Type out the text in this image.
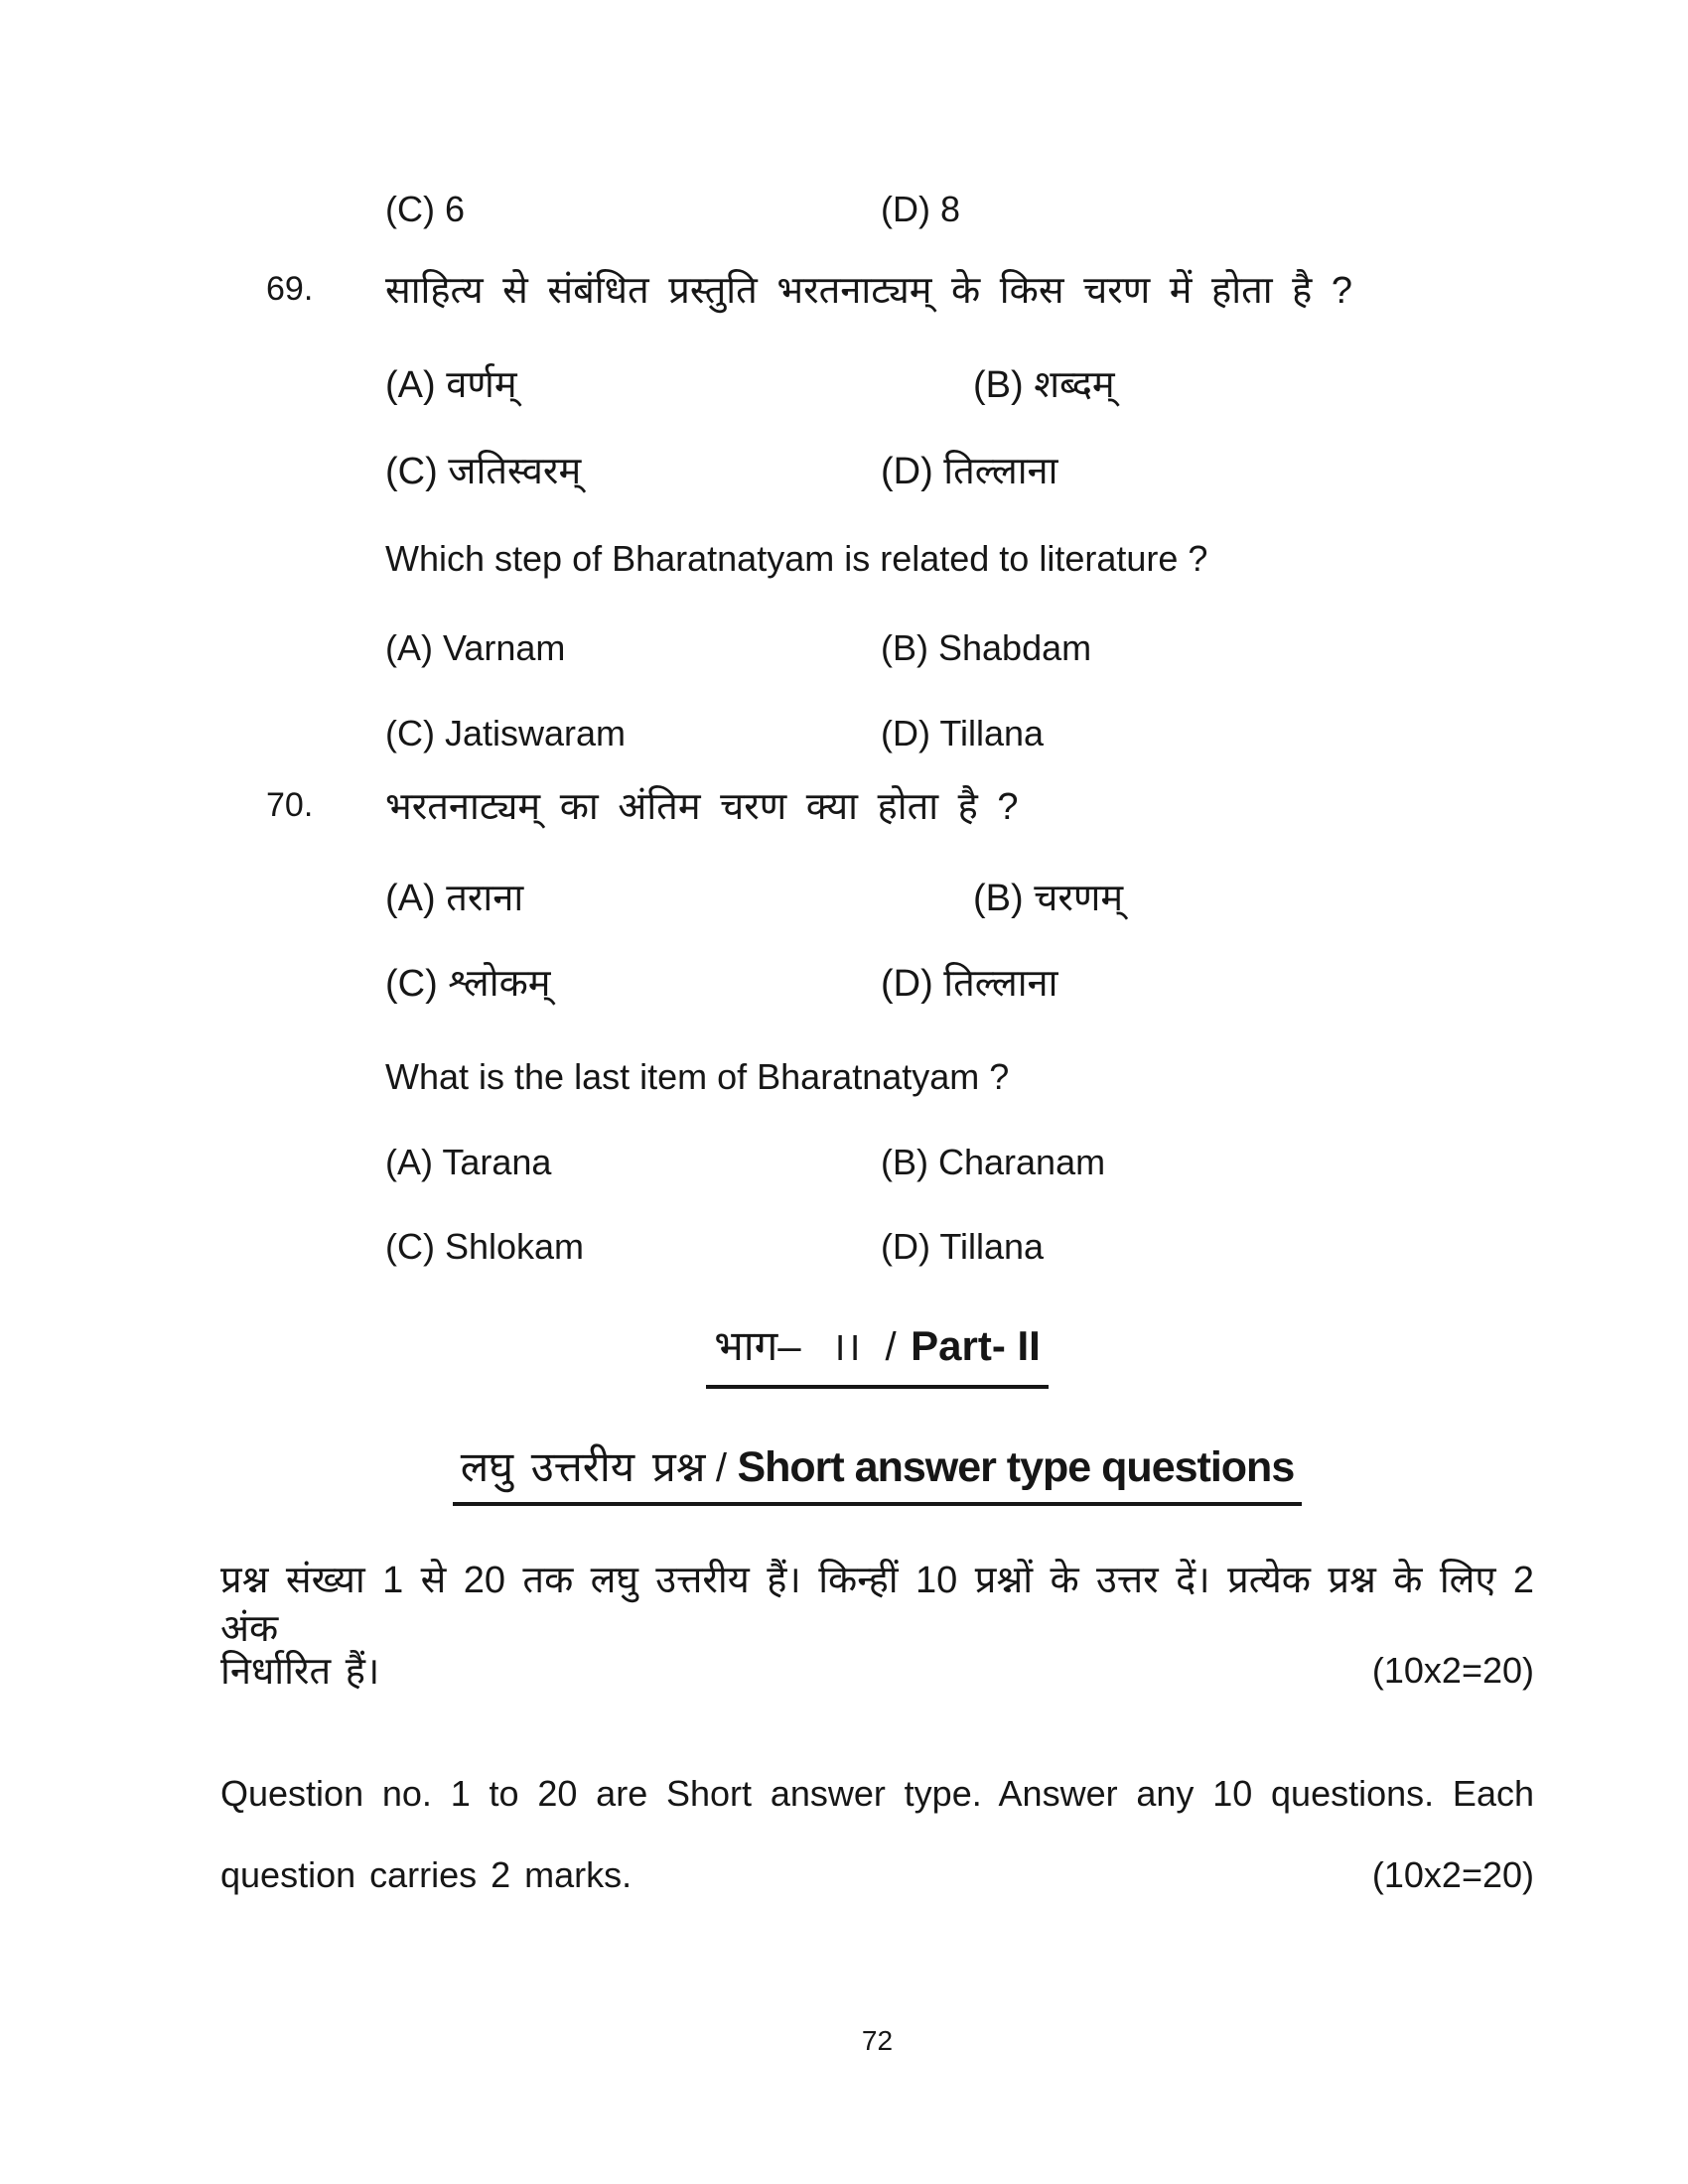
(C) 6	(D) 8
69. साहित्य से संबंधित प्रस्तुति भरतनाट्यम् के किस चरण में होता है ?
(A) वर्णम्	(B) शब्दम्
(C) जतिस्वरम्	(D) तिल्लाना
Which step of Bharatnatyam is related to literature ?
(A) Varnam	(B) Shabdam
(C) Jatiswaram	(D) Tillana
70. भरतनाट्यम् का अंतिम चरण क्या होता है ?
(A) तराना	(B) चरणम्
(C) श्लोकम्	(D) तिल्लाना
What is the last item of Bharatnatyam ?
(A) Tarana	(B) Charanam
(C) Shlokam	(D) Tillana
भाग– II / Part- II
लघु उत्तरीय प्रश्न / Short answer type questions
प्रश्न संख्या 1 से 20 तक लघु उत्तरीय हैं। किन्हीं 10 प्रश्नों के उत्तर दें। प्रत्येक प्रश्न के लिए 2 अंक
निर्धारित हैं।	(10x2=20)
Question no. 1 to 20 are Short answer type. Answer any 10 questions. Each
question carries 2 marks.	(10x2=20)
72
